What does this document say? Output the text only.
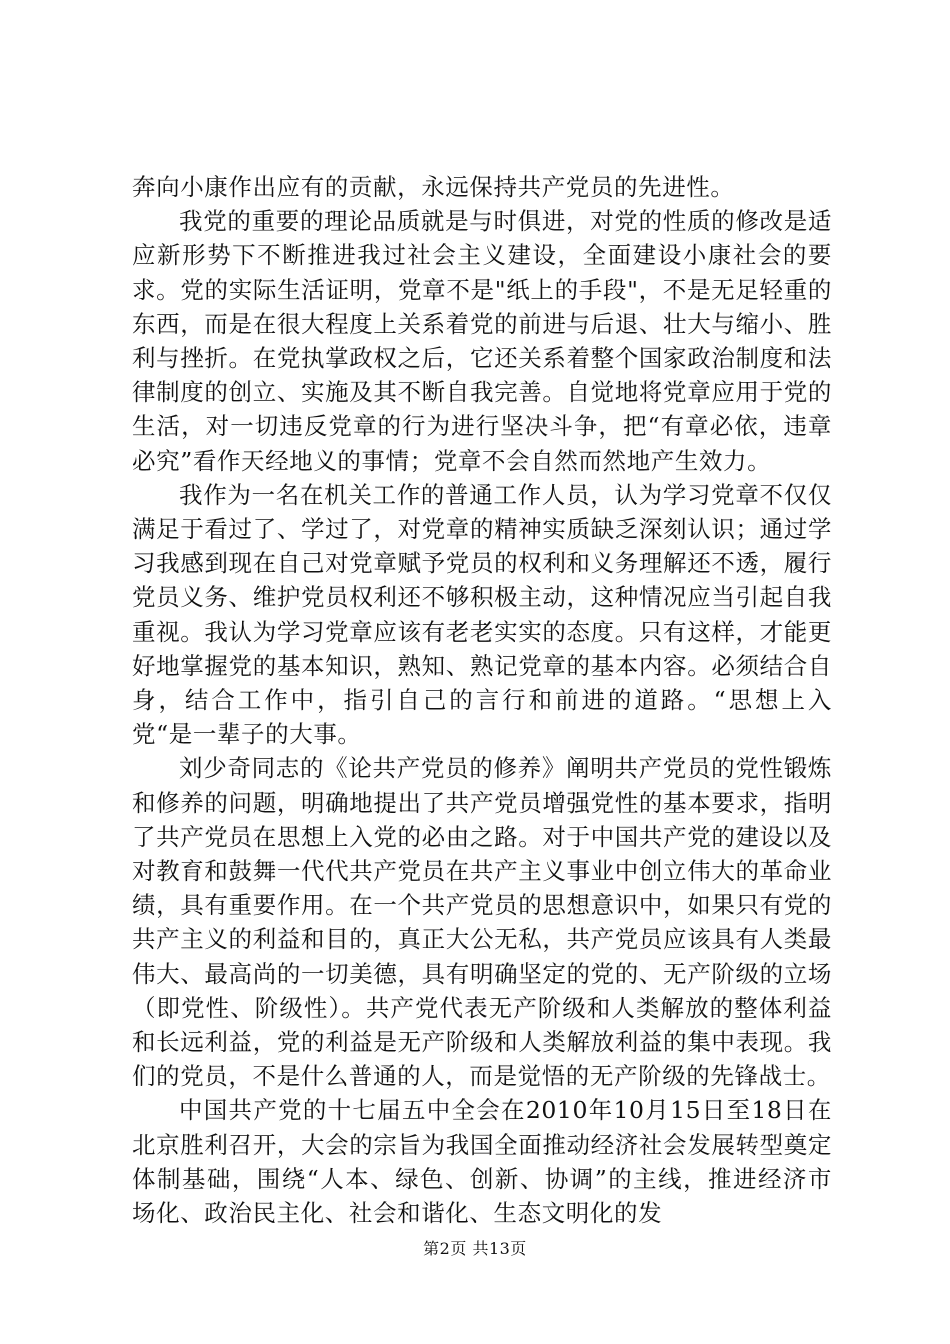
奔向小康作出应有的贡献，永远保持共产党员的先进性。

我党的重要的理论品质就是与时俱进，对党的性质的修改是适应新形势下不断推进我过社会主义建设，全面建设小康社会的要求。党的实际生活证明，党章不是"纸上的手段"，不是无足轻重的东西，而是在很大程度上关系着党的前进与后退、壮大与缩小、胜利与挫折。在党执掌政权之后，它还关系着整个国家政治制度和法律制度的创立、实施及其不断自我完善。自觉地将党章应用于党的生活，对一切违反党章的行为进行坚决斗争，把“有章必依，违章必究”看作天经地义的事情；党章不会自然而然地产生效力。

我作为一名在机关工作的普通工作人员，认为学习党章不仅仅满足于看过了、学过了，对党章的精神实质缺乏深刻认识；通过学习我感到现在自己对党章赋予党员的权利和义务理解还不透，履行党员义务、维护党员权利还不够积极主动，这种情况应当引起自我重视。我认为学习党章应该有老老实实的态度。只有这样，才能更好地掌握党的基本知识，熟知、熟记党章的基本内容。必须结合自身，结合工作中，指引自己的言行和前进的道路。“思想上入党“是一辈子的大事。

刘少奇同志的《论共产党员的修养》阐明共产党员的党性锻炼和修养的问题，明确地提出了共产党员增强党性的基本要求，指明了共产党员在思想上入党的必由之路。对于中国共产党的建设以及对教育和鼓舞一代代共产党员在共产主义事业中创立伟大的革命业绩，具有重要作用。在一个共产党员的思想意识中，如果只有党的共产主义的利益和目的，真正大公无私，共产党员应该具有人类最伟大、最高尚的一切美德，具有明确坚定的党的、无产阶级的立场（即党性、阶级性）。共产党代表无产阶级和人类解放的整体利益和长远利益，党的利益是无产阶级和人类解放利益的集中表现。我们的党员，不是什么普通的人，而是觉悟的无产阶级的先锋战士。

中国共产党的十七届五中全会在2010年10月15日至18日在北京胜利召开，大会的宗旨为我国全面推动经济社会发展转型奠定体制基础，围绕“人本、绿色、创新、协调”的主线，推进经济市场化、政治民主化、社会和谐化、生态文明化的发

第2页 共13页
